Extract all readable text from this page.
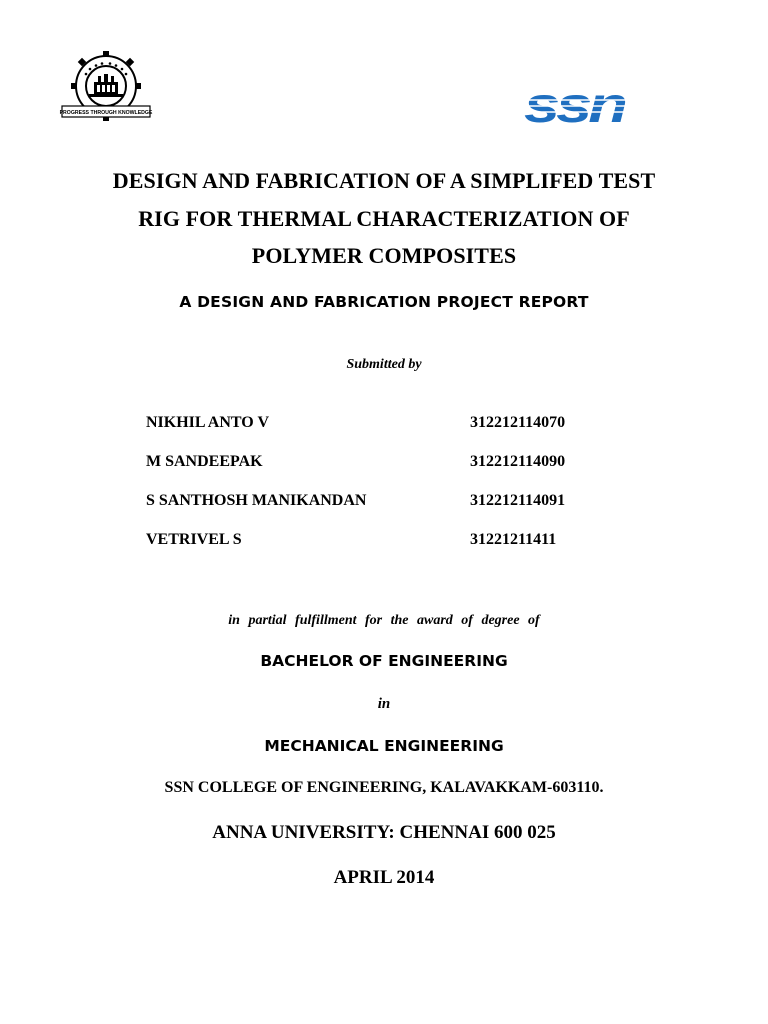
PROGRESS THROUGH KNOWLEDGE	ssn
DESIGN AND FABRICATION OF A SIMPLIFED TEST
RIG FOR THERMAL CHARACTERIZATION OF
POLYMER COMPOSITES
A DESIGN AND FABRICATION PROJECT REPORT
Submitted by
NIKHIL ANTO V	312212114070
M SANDEEPAK	312212114090
S SANTHOSH MANIKANDAN	312212114091
VETRIVEL S	31221211411
in partial fulfillment for the award of degree of
BACHELOR OF ENGINEERING
in
MECHANICAL ENGINEERING
SSN COLLEGE OF ENGINEERING, KALAVAKKAM-603110.
ANNA UNIVERSITY: CHENNAI 600 025
APRIL 2014
